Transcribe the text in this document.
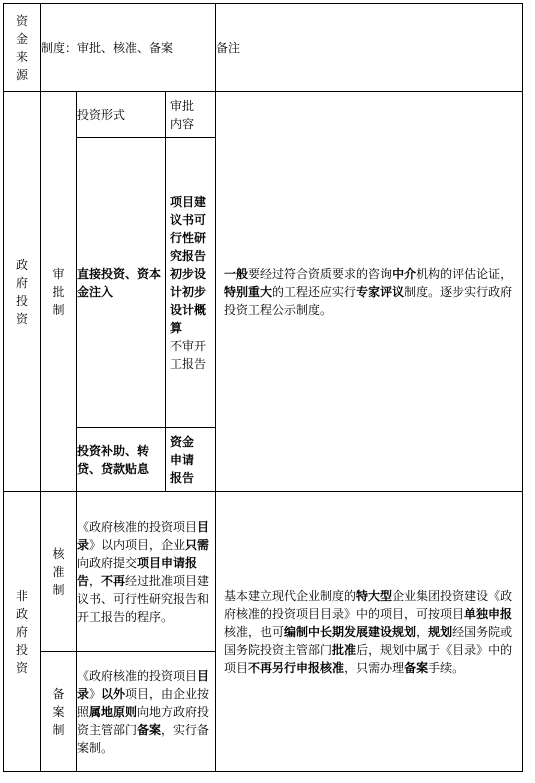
资金来源	制度：审批、核准、备案			备注

政府投资	审批制	投资形式	审批内容	一般要经过符合资质要求的咨询中介机构的评估论证，特别重大的工程还应实行专家评议制度。逐步实行政府投资工程公示制度。

		直接投资、资本金注入	项目建议书可行性研究报告初步设计初步设计概算
不审开工报告	

		投资补助、转贷、贷款贴息	资金申请报告	

非政府投资	核准制	《政府核准的投资项目目录》以内项目，企业只需向政府提交项目申请报告，不再经过批准项目建议书、可行性研究报告和开工报告的程序。		基本建立现代企业制度的特大型企业集团投资建设《政府核准的投资项目目录》中的项目，可按项目单独申报核准，也可编制中长期发展建设规划，规划经国务院或国务院投资主管部门批准后，规划中属于《目录》中的项目不再另行申报核准，只需办理备案手续。

	备案制	《政府核准的投资项目目录》以外项目，由企业按照属地原则向地方政府投资主管部门备案，实行备案制。		
